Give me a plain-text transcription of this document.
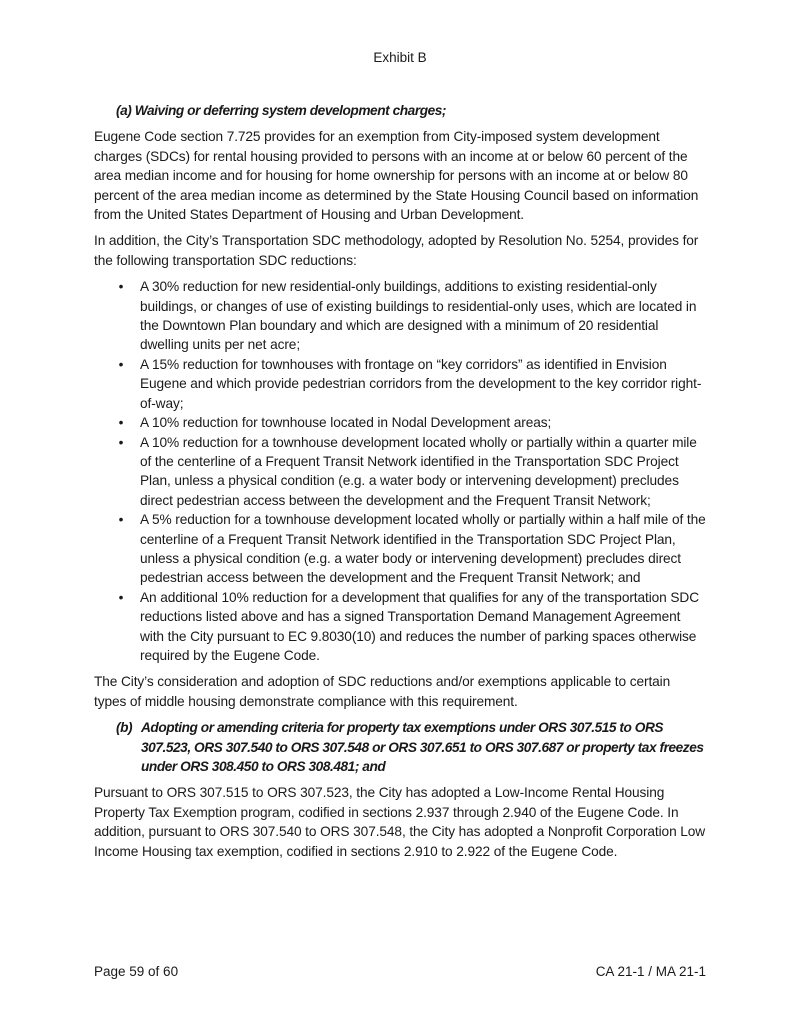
Exhibit B
(a) Waiving or deferring system development charges;

Eugene Code section 7.725 provides for an exemption from City-imposed system development charges (SDCs) for rental housing provided to persons with an income at or below 60 percent of the area median income and for housing for home ownership for persons with an income at or below 80 percent of the area median income as determined by the State Housing Council based on information from the United States Department of Housing and Urban Development.

In addition, the City’s Transportation SDC methodology, adopted by Resolution No. 5254, provides for the following transportation SDC reductions:

• A 30% reduction for new residential-only buildings, additions to existing residential-only buildings, or changes of use of existing buildings to residential-only uses, which are located in the Downtown Plan boundary and which are designed with a minimum of 20 residential dwelling units per net acre;
• A 15% reduction for townhouses with frontage on “key corridors” as identified in Envision Eugene and which provide pedestrian corridors from the development to the key corridor right-of-way;
• A 10% reduction for townhouse located in Nodal Development areas;
• A 10% reduction for a townhouse development located wholly or partially within a quarter mile of the centerline of a Frequent Transit Network identified in the Transportation SDC Project Plan, unless a physical condition (e.g. a water body or intervening development) precludes direct pedestrian access between the development and the Frequent Transit Network;
• A 5% reduction for a townhouse development located wholly or partially within a half mile of the centerline of a Frequent Transit Network identified in the Transportation SDC Project Plan, unless a physical condition (e.g. a water body or intervening development) precludes direct pedestrian access between the development and the Frequent Transit Network; and
• An additional 10% reduction for a development that qualifies for any of the transportation SDC reductions listed above and has a signed Transportation Demand Management Agreement with the City pursuant to EC 9.8030(10) and reduces the number of parking spaces otherwise required by the Eugene Code.

The City’s consideration and adoption of SDC reductions and/or exemptions applicable to certain types of middle housing demonstrate compliance with this requirement.

(b) Adopting or amending criteria for property tax exemptions under ORS 307.515 to ORS 307.523, ORS 307.540 to ORS 307.548 or ORS 307.651 to ORS 307.687 or property tax freezes under ORS 308.450 to ORS 308.481; and

Pursuant to ORS 307.515 to ORS 307.523, the City has adopted a Low-Income Rental Housing Property Tax Exemption program, codified in sections 2.937 through 2.940 of the Eugene Code. In addition, pursuant to ORS 307.540 to ORS 307.548, the City has adopted a Nonprofit Corporation Low Income Housing tax exemption, codified in sections 2.910 to 2.922 of the Eugene Code.

Page 59 of 60	CA 21-1 / MA 21-1
